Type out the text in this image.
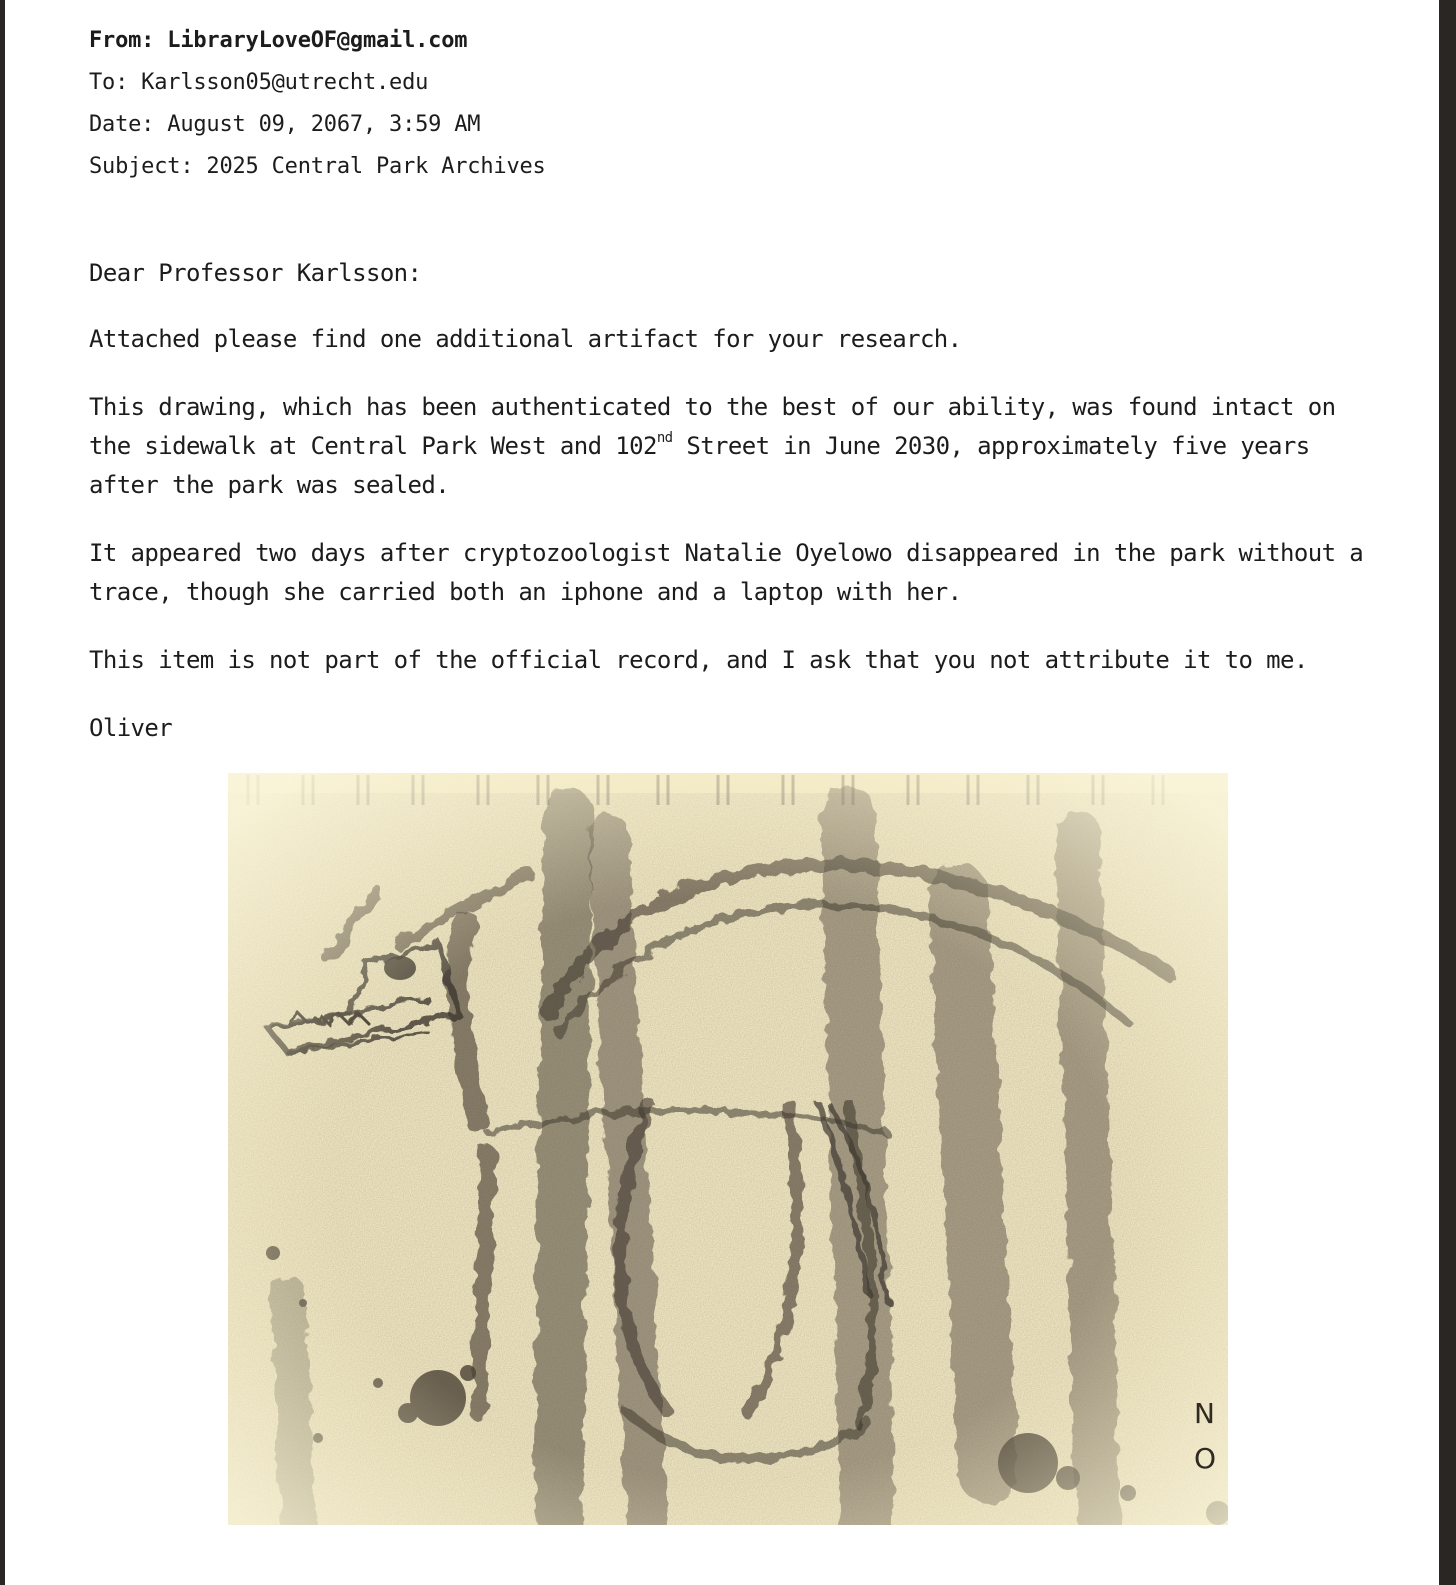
From: LibraryLoveOF@gmail.com
To: Karlsson05@utrecht.edu
Date: August 09, 2067, 3:59 AM
Subject: 2025 Central Park Archives

Dear Professor Karlsson:

Attached please find one additional artifact for your research.

This drawing, which has been authenticated to the best of our ability, was found intact on the sidewalk at Central Park West and 102nd Street in June 2030, approximately five years after the park was sealed.

It appeared two days after cryptozoologist Natalie Oyelowo disappeared in the park without a trace, though she carried both an iphone and a laptop with her.

This item is not part of the official record, and I ask that you not attribute it to me.

Oliver

N
O
